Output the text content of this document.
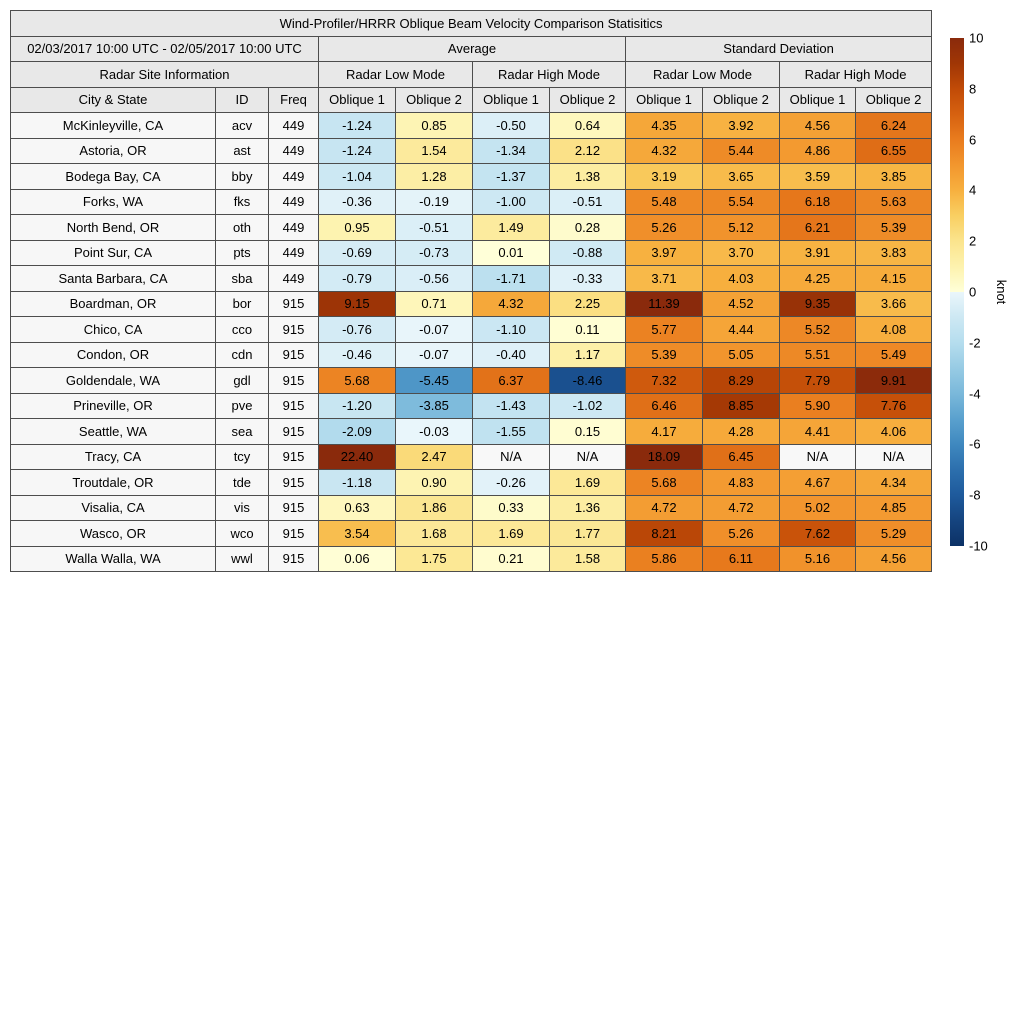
Wind-Profiler/HRRR Oblique Beam Velocity Comparison Statisitics										
02/03/2017 10:00 UTC - 02/05/2017 10:00 UTC			Average				Standard Deviation			
Radar Site Information			Radar Low Mode		Radar High Mode		Radar Low Mode		Radar High Mode	
City & State	ID	Freq	Oblique 1	Oblique 2	Oblique 1	Oblique 2	Oblique 1	Oblique 2	Oblique 1	Oblique 2
McKinleyville, CA	acv	449	-1.24	0.85	-0.50	0.64	4.35	3.92	4.56	6.24
Astoria, OR	ast	449	-1.24	1.54	-1.34	2.12	4.32	5.44	4.86	6.55
Bodega Bay, CA	bby	449	-1.04	1.28	-1.37	1.38	3.19	3.65	3.59	3.85
Forks, WA	fks	449	-0.36	-0.19	-1.00	-0.51	5.48	5.54	6.18	5.63
North Bend, OR	oth	449	0.95	-0.51	1.49	0.28	5.26	5.12	6.21	5.39
Point Sur, CA	pts	449	-0.69	-0.73	0.01	-0.88	3.97	3.70	3.91	3.83
Santa Barbara, CA	sba	449	-0.79	-0.56	-1.71	-0.33	3.71	4.03	4.25	4.15
Boardman, OR	bor	915	9.15	0.71	4.32	2.25	11.39	4.52	9.35	3.66
Chico, CA	cco	915	-0.76	-0.07	-1.10	0.11	5.77	4.44	5.52	4.08
Condon, OR	cdn	915	-0.46	-0.07	-0.40	1.17	5.39	5.05	5.51	5.49
Goldendale, WA	gdl	915	5.68	-5.45	6.37	-8.46	7.32	8.29	7.79	9.91
Prineville, OR	pve	915	-1.20	-3.85	-1.43	-1.02	6.46	8.85	5.90	7.76
Seattle, WA	sea	915	-2.09	-0.03	-1.55	0.15	4.17	4.28	4.41	4.06
Tracy, CA	tcy	915	22.40	2.47	N/A	N/A	18.09	6.45	N/A	N/A
Troutdale, OR	tde	915	-1.18	0.90	-0.26	1.69	5.68	4.83	4.67	4.34
Visalia, CA	vis	915	0.63	1.86	0.33	1.36	4.72	4.72	5.02	4.85
Wasco, OR	wco	915	3.54	1.68	1.69	1.77	8.21	5.26	7.62	5.29
Walla Walla, WA	wwl	915	0.06	1.75	0.21	1.58	5.86	6.11	5.16	4.56
10
8
6
4
2
0
-2
-4
-6
-8
-10
knot
